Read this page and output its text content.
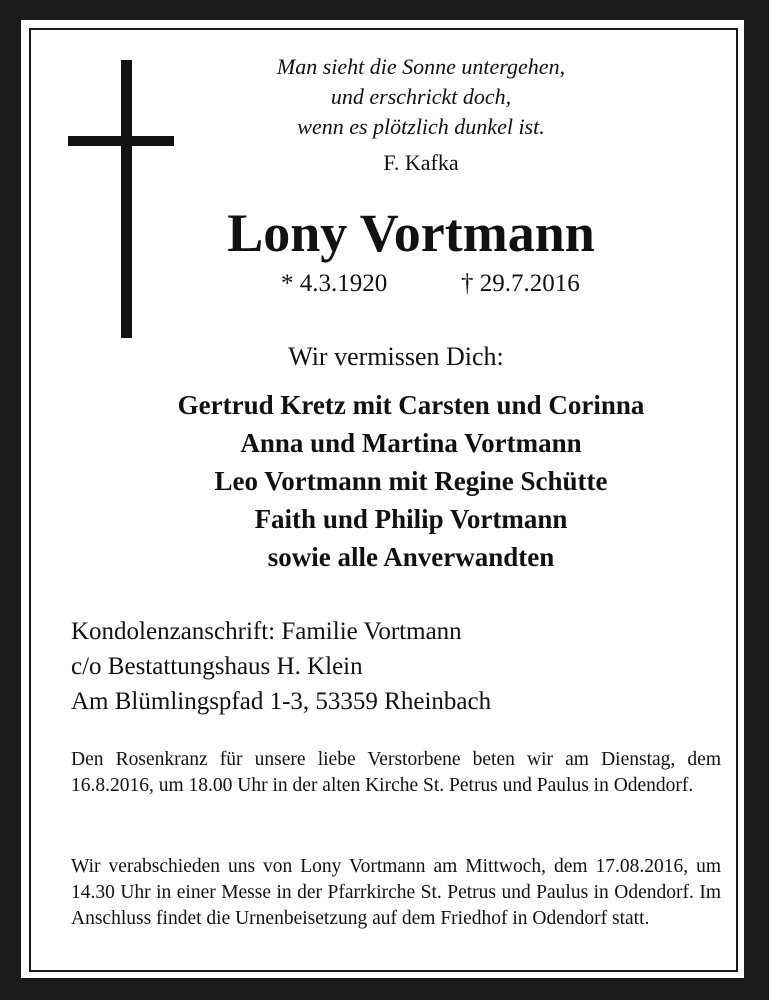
Man sieht die Sonne untergehen,
und erschrickt doch,
wenn es plötzlich dunkel ist.
F. Kafka
Lony Vortmann
* 4.3.1920	† 29.7.2016
Wir vermissen Dich:
Gertrud Kretz mit Carsten und Corinna
Anna und Martina Vortmann
Leo Vortmann mit Regine Schütte
Faith und Philip Vortmann
sowie alle Anverwandten
Kondolenzanschrift: Familie Vortmann
c/o Bestattungshaus H. Klein
Am Blümlingspfad 1-3, 53359 Rheinbach
Den Rosenkranz für unsere liebe Verstorbene beten wir am Dienstag, dem 16.8.2016, um 18.00 Uhr in der alten Kirche St. Petrus und Paulus in Odendorf.
Wir verabschieden uns von Lony Vortmann am Mittwoch, dem 17.08.2016, um 14.30 Uhr in einer Messe in der Pfarrkirche St. Petrus und Paulus in Odendorf. Im Anschluss findet die Urnenbeisetzung auf dem Friedhof in Odendorf statt.
